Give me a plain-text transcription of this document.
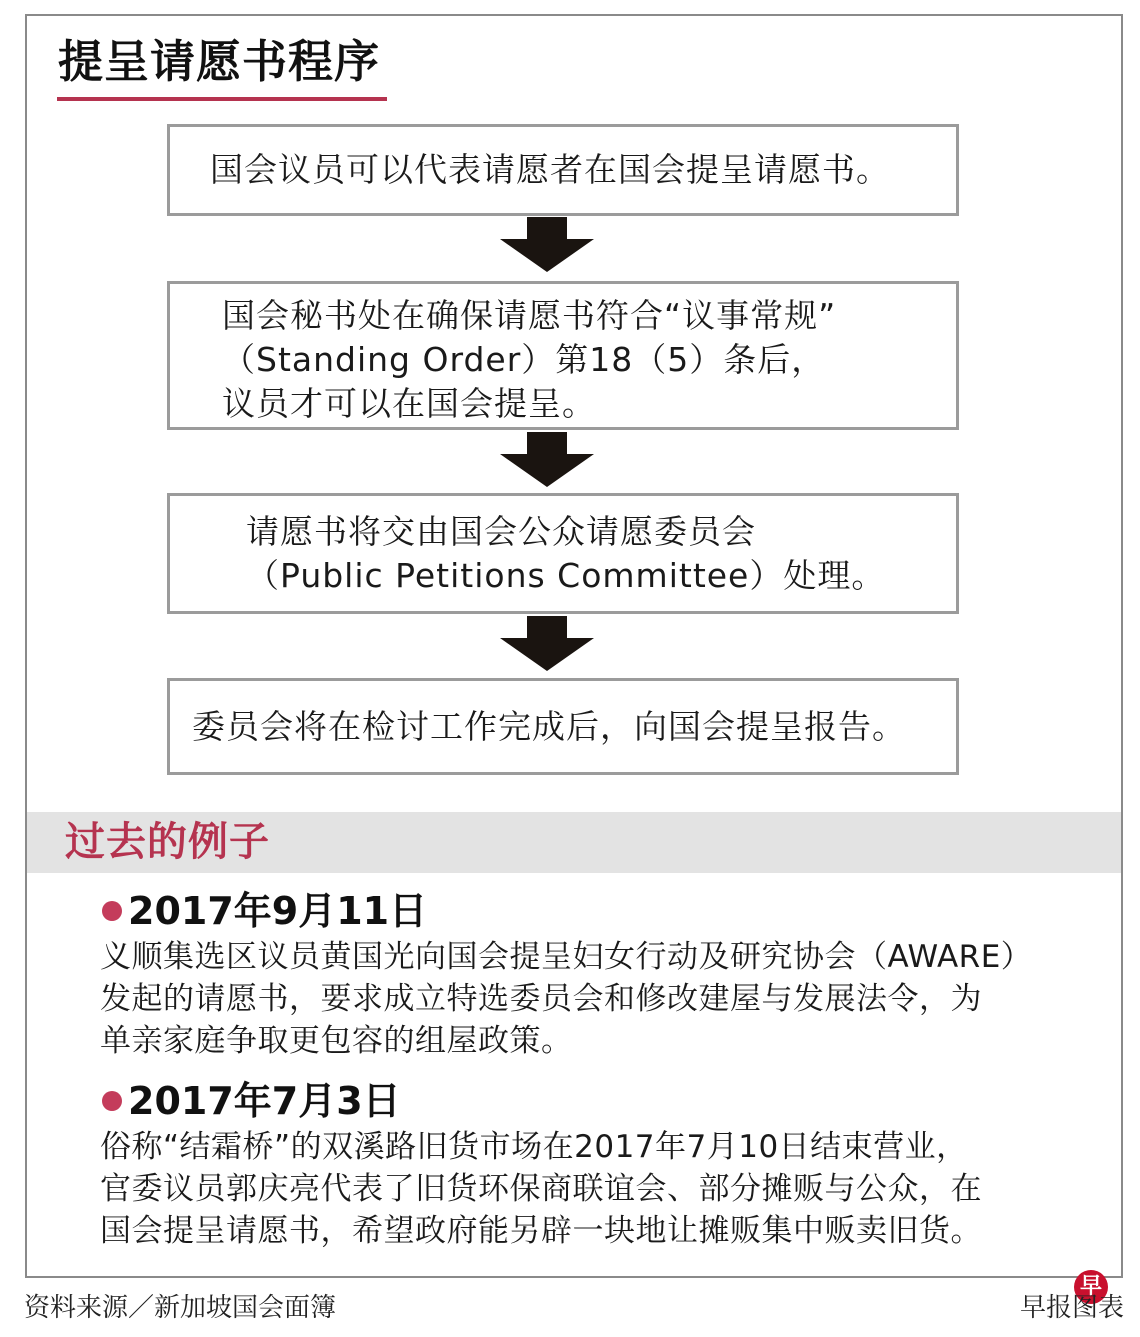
提呈请愿书程序
国会议员可以代表请愿者在国会提呈请愿书。
国会秘书处在确保请愿书符合“议事常规”
（Standing Order）第18（5）条后，
议员才可以在国会提呈。
请愿书将交由国会公众请愿委员会
（Public Petitions Committee）处理。
委员会将在检讨工作完成后，向国会提呈报告。
过去的例子
2017年9月11日
义顺集选区议员黄国光向国会提呈妇女行动及研究协会（AWARE）
发起的请愿书，要求成立特选委员会和修改建屋与发展法令，为
单亲家庭争取更包容的组屋政策。
2017年7月3日
俗称“结霜桥”的双溪路旧货市场在2017年7月10日结束营业，
官委议员郭庆亮代表了旧货环保商联谊会、部分摊贩与公众，在
国会提呈请愿书，希望政府能另辟一块地让摊贩集中贩卖旧货。
资料来源／新加坡国会面簿
早
早报图表
